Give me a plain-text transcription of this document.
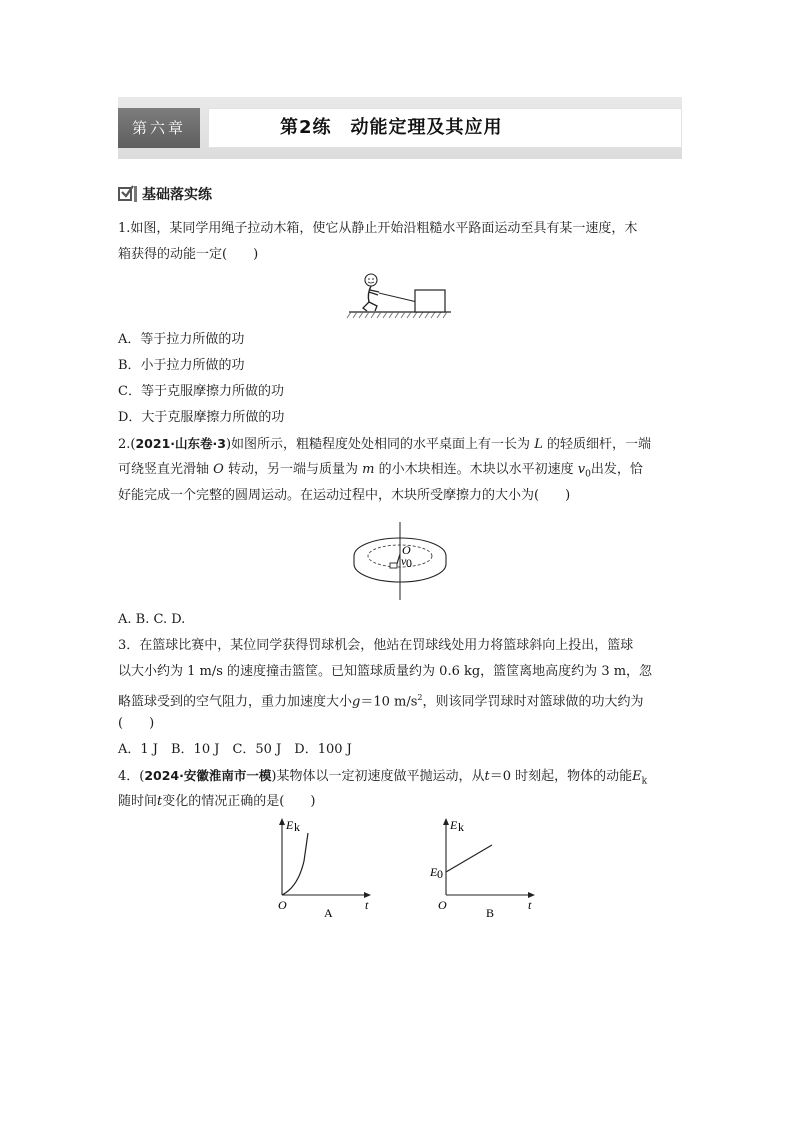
第六章	第2练　动能定理及其应用
基础落实练
1.如图，某同学用绳子拉动木箱，使它从静止开始沿粗糙水平路面运动至具有某一速度，木
箱获得的动能一定(　　)
A．等于拉力所做的功
B．小于拉力所做的功
C．等于克服摩擦力所做的功
D．大于克服摩擦力所做的功
2.(2021·山东卷·3)如图所示，粗糙程度处处相同的水平桌面上有一长为 L 的轻质细杆，一端
可绕竖直光滑轴 O 转动，另一端与质量为 m 的小木块相连。木块以水平初速度 $v_0$出发，恰
好能完成一个完整的圆周运动。在运动过程中，木块所受摩擦力的大小为(　　)
O
v 0
A. B. C. D.
3．在篮球比赛中，某位同学获得罚球机会，他站在罚球线处用力将篮球斜向上投出，篮球
以大小约为 1 m/s 的速度撞击篮筐。已知篮球质量约为 0.6 kg，篮筐离地高度约为 3 m，忽
略篮球受到的空气阻力，重力加速度大小g＝10 $m/s^2$，则该同学罚球时对篮球做的功大约为
(　　)
A．1 J　B．10 J　C．50 J　D．100 J
4．(2024·安徽淮南市一模)某物体以一定初速度做平抛运动，从t＝0 时刻起，物体的动能$E_k$
随时间t变化的情况正确的是(　　)
E k
t
O
A
E k
E 0
t
O
B
